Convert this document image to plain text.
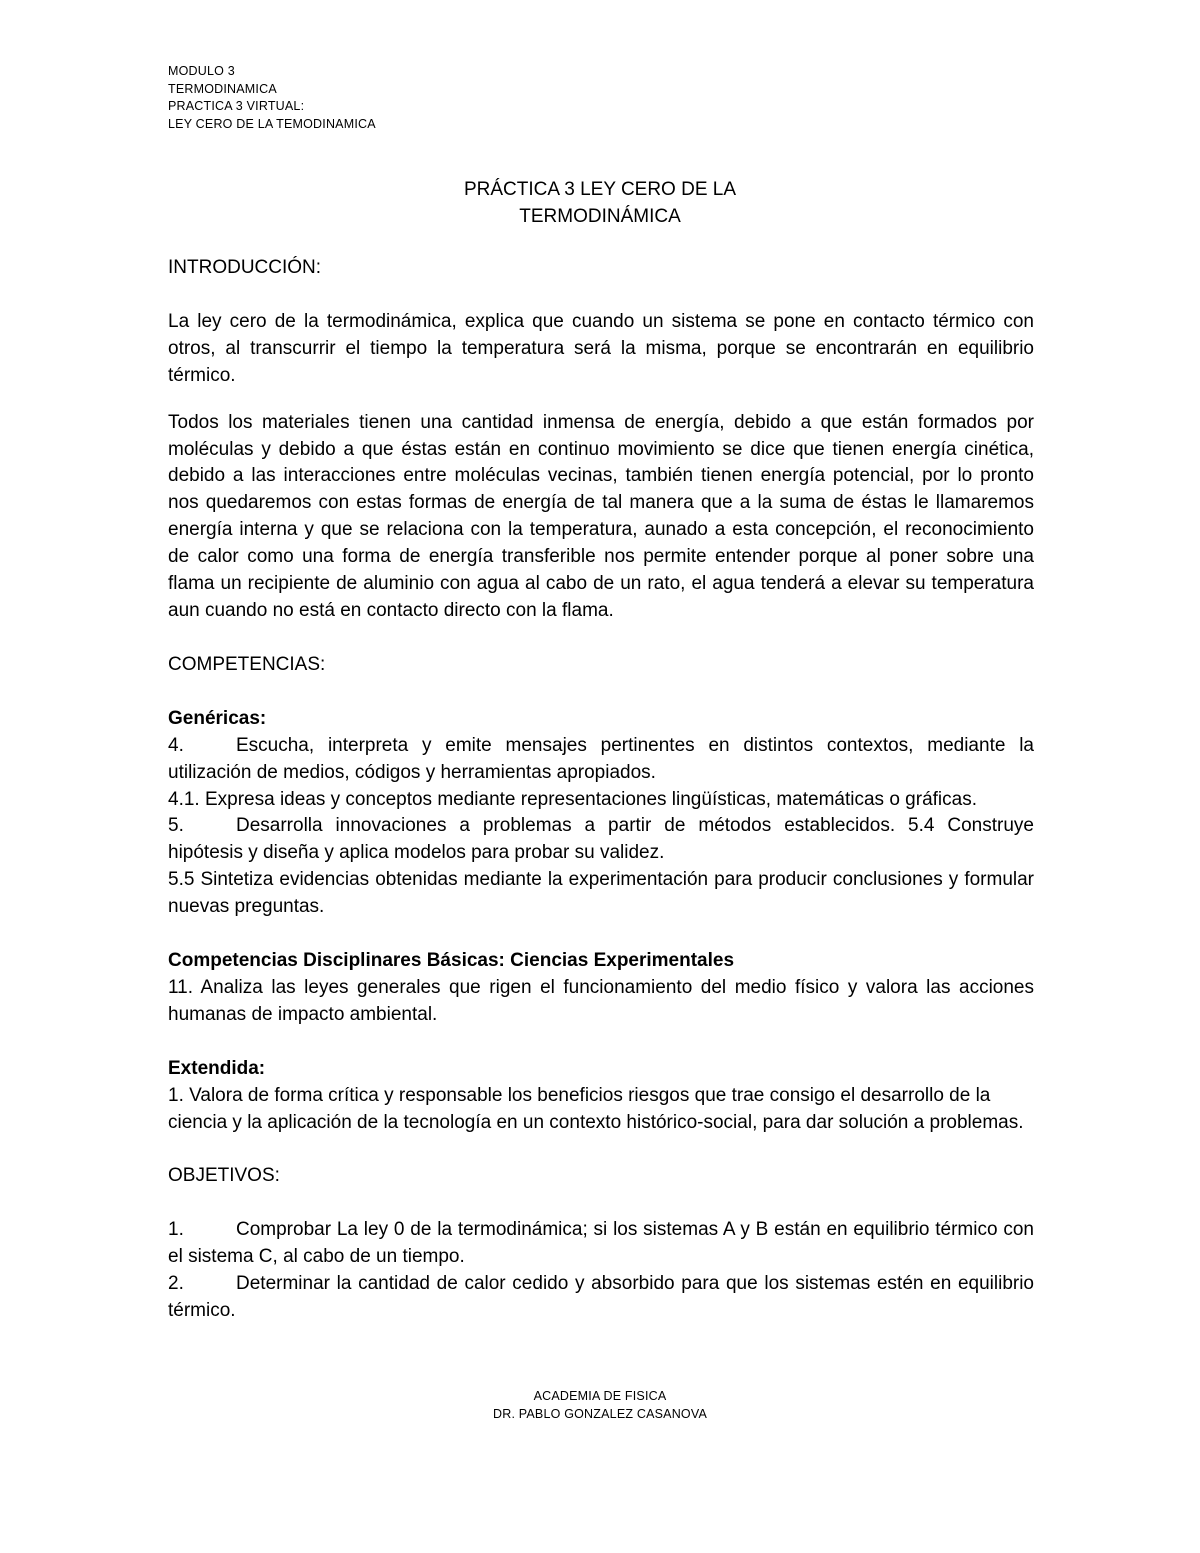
MODULO 3
TERMODINAMICA
PRACTICA 3 VIRTUAL:
LEY CERO DE LA TEMODINAMICA
PRÁCTICA 3 LEY CERO DE LA
TERMODINÁMICA

INTRODUCCIÓN:

La ley cero de la termodinámica, explica que cuando un sistema se pone en contacto térmico con otros, al transcurrir el tiempo la temperatura será la misma, porque se encontrarán en equilibrio térmico.

Todos los materiales tienen una cantidad inmensa de energía, debido a que están formados por moléculas y debido a que éstas están en continuo movimiento se dice que tienen energía cinética, debido a las interacciones entre moléculas vecinas, también tienen energía potencial, por lo pronto nos quedaremos con estas formas de energía de tal manera que a la suma de éstas le llamaremos energía interna y que se relaciona con la temperatura, aunado a esta concepción, el reconocimiento de calor como una forma de energía transferible nos permite entender porque al poner sobre una flama un recipiente de aluminio con agua al cabo de un rato, el agua tenderá a elevar su temperatura aun cuando no está en contacto directo con la flama.

COMPETENCIAS:

Genéricas:

4.	Escucha, interpreta y emite mensajes pertinentes en distintos contextos, mediante la utilización de medios, códigos y herramientas apropiados.

4.1. Expresa ideas y conceptos mediante representaciones lingüísticas, matemáticas o gráficas.

5.	Desarrolla innovaciones a problemas a partir de métodos establecidos. 5.4 Construye hipótesis y diseña y aplica modelos para probar su validez.

5.5 Sintetiza evidencias obtenidas mediante la experimentación para producir conclusiones y formular nuevas preguntas.

Competencias Disciplinares Básicas: Ciencias Experimentales

11. Analiza las leyes generales que rigen el funcionamiento del medio físico y valora las acciones humanas de impacto ambiental.

Extendida:

1. Valora de forma crítica y responsable los beneficios riesgos que trae consigo el desarrollo de la ciencia y la aplicación de la tecnología en un contexto histórico-social, para dar solución a problemas.

OBJETIVOS:

1.	Comprobar La ley 0 de la termodinámica; si los sistemas A y B están en equilibrio térmico con el sistema C, al cabo de un tiempo.

2.	Determinar la cantidad de calor cedido y absorbido para que los sistemas estén en equilibrio térmico.

ACADEMIA DE FISICA
DR. PABLO GONZALEZ CASANOVA
